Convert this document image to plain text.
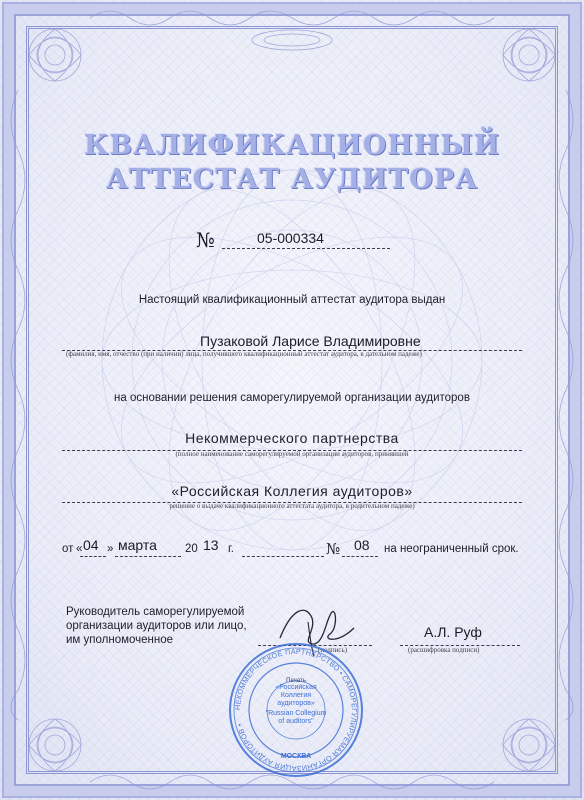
КВАЛИФИКАЦИОННЫЙ
АТТЕСТАТ АУДИТОРА
№	05-000334
Настоящий квалификационный аттестат аудитора выдан
Пузаковой Ларисе Владимировне
(фамилия, имя, отчество (при наличии) лица, получившего квалификационный аттестат аудитора, в дательном падеже)
на основании решения саморегулируемой организации аудиторов
Некоммерческого партнерства
(полное наименование саморегулируемой организации аудиторов, принявшей
«Российская Коллегия аудиторов»
решение о выдаче квалификационного аттестата аудитора, в родительном падеже)
от « 04 » марта 20 13 г.	№ 08 на неограниченный срок.
Руководитель саморегулируемой
организации аудиторов или лицо,
им уполномоченное
(подпись)
А.Л. Руф
(расшифровка подписи)
НЕКОММЕРЧЕСКОЕ ПАРТНЕРСТВО • САМОРЕГУЛИРУЕМАЯ ОРГАНИЗАЦИЯ АУДИТОРОВ •
МОСКВА
Печать
«Российская Коллегия аудиторов»
"Russian Collegium of auditors"
